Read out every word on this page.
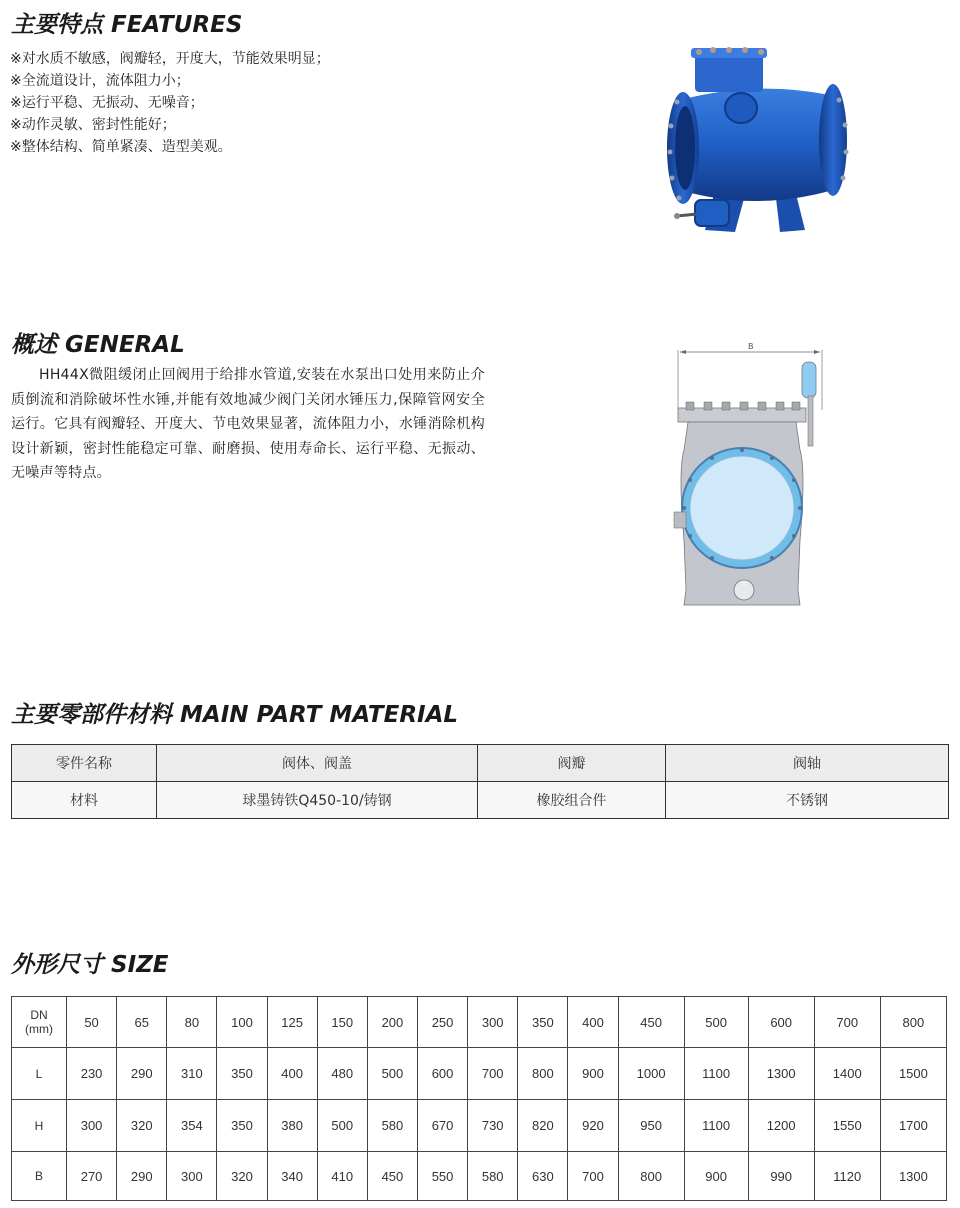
主要特点 FEATURES
※对水质不敏感，阀瓣轻，开度大，节能效果明显；
※全流道设计，流体阻力小；
※运行平稳、无振动、无噪音；
※动作灵敏、密封性能好；
※整体结构、简单紧凑、造型美观。
概述 GENERAL

HH44X微阻缓闭止回阀用于给排水管道,安装在水泵出口处用来防止介质倒流和消除破坏性水锤,并能有效地减少阀门关闭水锤压力,保障管网安全运行。它具有阀瓣轻、开度大、节电效果显著，流体阻力小，水锤消除机构设计新颖，密封性能稳定可靠、耐磨损、使用寿命长、运行平稳、无振动、无噪声等特点。

B
主要零部件材料 MAIN PART MATERIAL
零件名称	阀体、阀盖	阀瓣	阀轴
材料	球墨铸铁Q450-10/铸钢	橡胶组合件	不锈钢
外形尺寸 SIZE
DN
(mm)	50	65	80	100	125	150	200	250	300	350	400	450	500	600	700	800
L	230	290	310	350	400	480	500	600	700	800	900	1000	1100	1300	1400	1500
H	300	320	354	350	380	500	580	670	730	820	920	950	1100	1200	1550	1700
B	270	290	300	320	340	410	450	550	580	630	700	800	900	990	1120	1300
